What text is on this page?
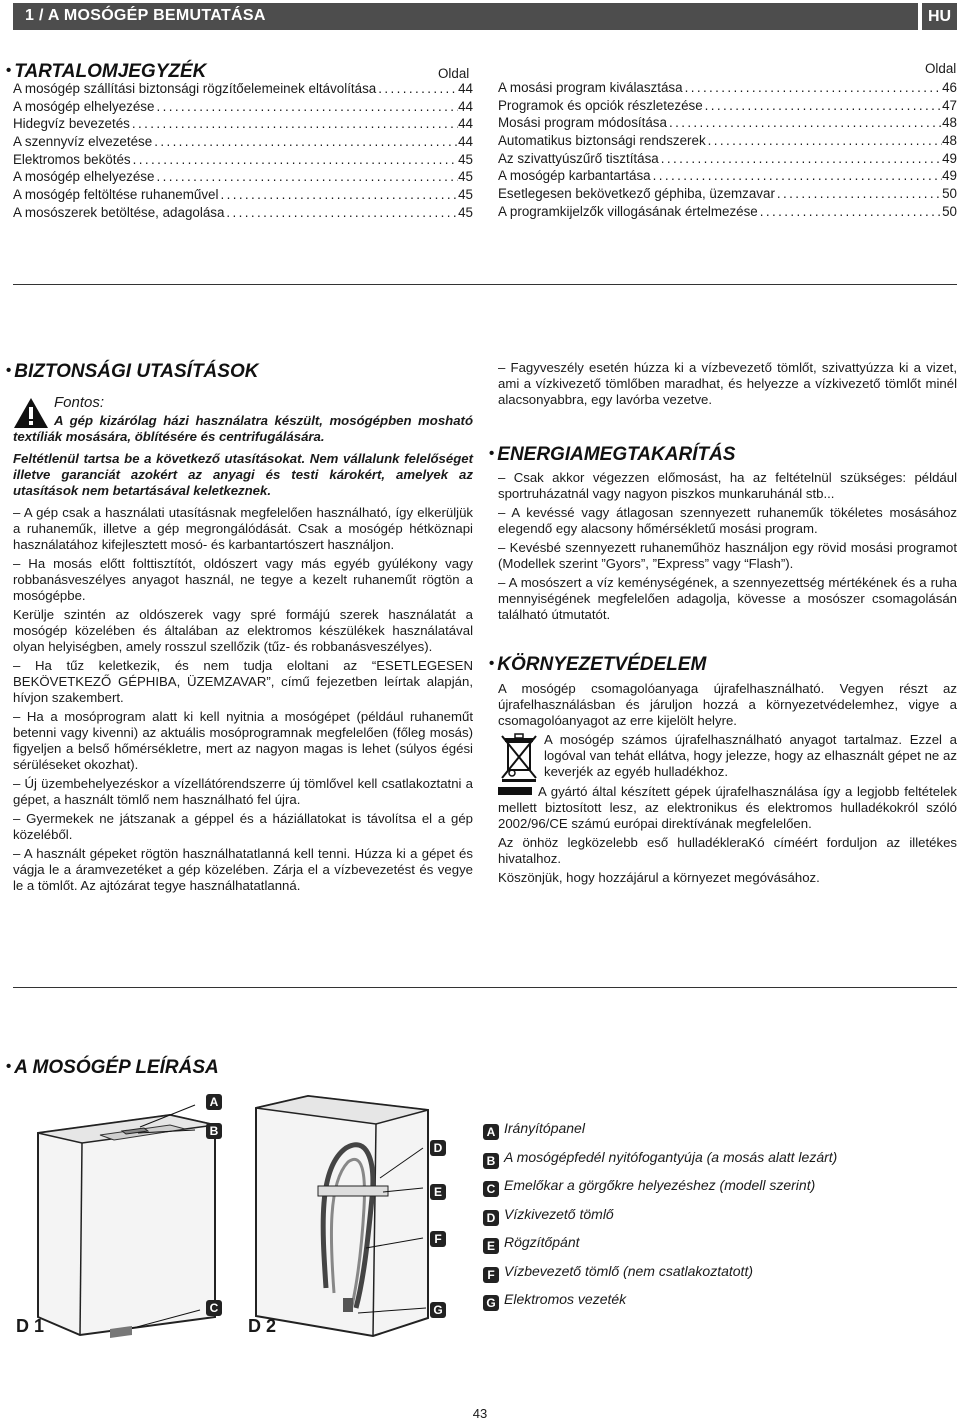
1 / A MOSÓGÉP BEMUTATÁSA	HU
• TARTALOMJEGYZÉK	Oldal	Oldal
A mosógép szállítási biztonsági rögzítőelemeinek eltávolítása .....	44
A mosógép elhelyezése .....	44
Hidegvíz bevezetés .....	44
A szennyvíz elvezetése .....	44
Elektromos bekötés .....	45
A mosógép elhelyezése .....	45
A mosógép feltöltése ruhaneművel .....	45
A mosószerek betöltése, adagolása .....	45
A mosási program kiválasztása .....	46
Programok és opciók részletezése .....	47
Mosási program módosítása .....	48
Automatikus biztonsági rendszerek .....	48
Az szivattyúszűrő tisztítása .....	49
A mosógép karbantartása .....	49
Esetlegesen bekövetkező géphiba, üzemzavar .....	50
A programkijelzők villogásának értelmezése .....	50
• BIZTONSÁGI UTASÍTÁSOK
Fontos:
A gép kizárólag házi használatra készült, mosógépben mosható textíliák mosására, öblítésére és centrifugálására.

Feltétlenül tartsa be a következő utasításokat. Nem vállalunk felelőséget illetve garanciát azokért az anyagi és testi károkért, amelyek az utasítások nem betartásával keletkeznek.

– A gép csak a használati utasításnak megfelelően használható, így elkerüljük a ruhaneműk, illetve a gép megrongálódását. Csak a mosógép hétköznapi használatához kifejlesztett mosó- és karbantartószert használjon.

– Ha mosás előtt folttisztítót, oldószert vagy más egyéb gyúlékony vagy robbanásveszélyes anyagot használ, ne tegye a kezelt ruhaneműt rögtön a mosógépbe.

Kerülje szintén az oldószerek vagy spré formájú szerek használatát a mosógép közelében és általában az elektromos készülékek használatával olyan helyiségben, amely rosszul szellőzik (tűz- és robbanásveszélyes).

– Ha tűz keletkezik, és nem tudja eloltani az “ESETLEGESEN BEKÖVETKEZŐ GÉPHIBA, ÜZEMZAVAR”, című fejezetben leírtak alapján, hívjon szakembert.

– Ha a mosóprogram alatt ki kell nyitnia a mosógépet (például ruhaneműt betenni vagy kivenni) az aktuális mosóprogramnak megfelelően (főleg mosás) figyeljen a belső hőmérsékletre, mert az nagyon magas is lehet (súlyos égési sérüléseket okozhat).

– Új üzembehelyezéskor a vízellátórendszerre új tömlővel kell csatlakoztatni a gépet, a használt tömlő nem használható fel újra.

– Gyermekek ne játszanak a géppel és a háziállatokat is távolítsa el a gép közeléből.

– A használt gépeket rögtön használhatatlanná kell tenni. Húzza ki a gépet és vágja le a áramvezetéket a gép közelében. Zárja el a vízbevezetést és vegye le a tömlőt. Az ajtózárat tegye használhatatlanná.

– Fagyveszély esetén húzza ki a vízbevezető tömlőt, szivattyúzza ki a vizet, ami a vízkivezető tömlőben maradhat, és helyezze a vízkivezető tömlőt minél alacsonyabbra, egy lavórba vezetve.

• ENERGIAMEGTAKARÍTÁS

– Csak akkor végezzen előmosást, ha az feltételnül szükséges: például sportruházatnál vagy nagyon piszkos munkaruhánál stb...

– A kevéssé vagy átlagosan szennyezett ruhaneműk tökéletes mosásához elegendő egy alacsony hőmérsékletű mosási program.

– Kevésbé szennyezett ruhaneműhöz használjon egy rövid mosási programot (Modellek szerint ”Gyors”, ”Express” vagy “Flash”).

– A mosószert a víz keménységének, a szennyezettség mértékének és a ruha mennyiségének megfelelően adagolja, kövesse a mosószer csomagolásán található útmutatót.

• KÖRNYEZETVÉDELEM

A mosógép csomagolóanyaga újrafelhasználható. Vegyen részt az újrafelhasználásban és járuljon hozzá a környezetvédelemhez, vigye a csomagolóanyagot az erre kijelölt helyre.

A mosógép számos újrafelhasználható anyagot tartalmaz. Ezzel a logóval van tehát ellátva, hogy jelezze, hogy az elhasznált gépet ne az keverjék az egyéb hulladékhoz.

A gyártó által készített gépek újrafelhasználása így a legjobb feltételek mellett biztosított lesz, az elektronikus és elektromos hulladékokról szóló 2002/96/CE számú európai direktívának megfelelően.

Az önhöz legközelebb eső hulladékleraKó címéért forduljon az illetékes hivatalhoz.

Köszönjük, hogy hozzájárul a környezet megóvásához.

• A MOSÓGÉP LEÍRÁSA
A
B
C
D 1
D
E
F
G
D 2
A Irányítópanel
B A mosógépfedél nyitófogantyúja (a mosás alatt lezárt)
C Emelőkar a görgőkre helyezéshez (modell szerint)
D Vízkivezető tömlő
E Rögzítőpánt
F Vízbevezető tömlő (nem csatlakoztatott)
G Elektromos vezeték
43
